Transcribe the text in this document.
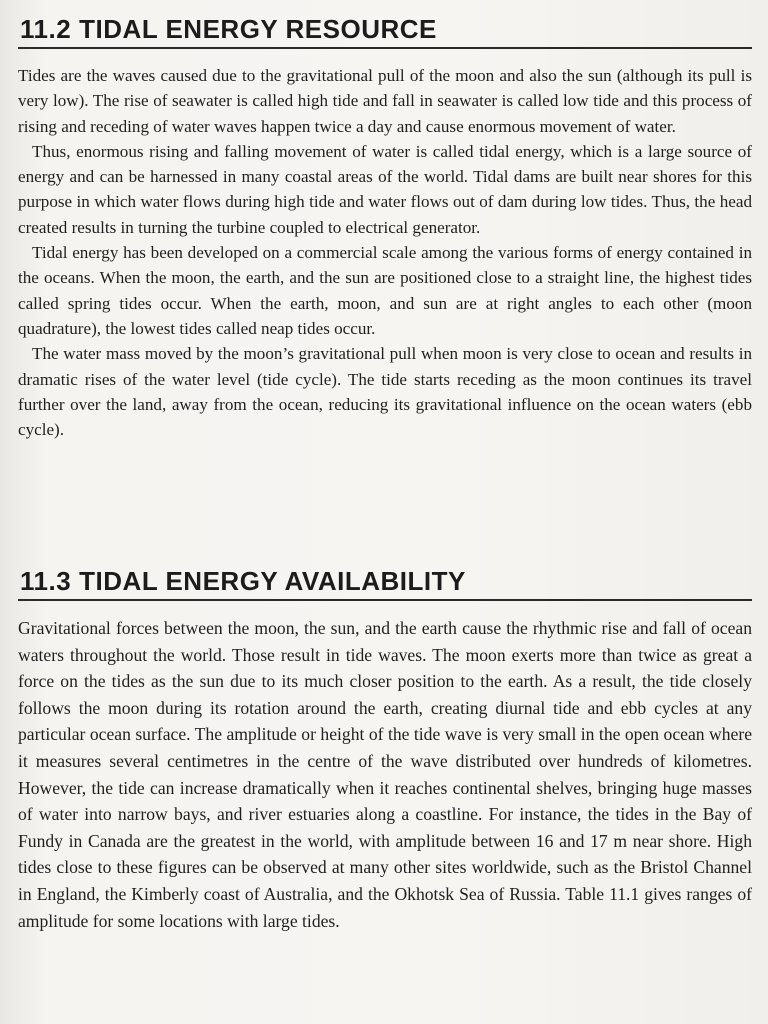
11.2 TIDAL ENERGY RESOURCE

Tides are the waves caused due to the gravitational pull of the moon and also the sun (although its pull is very low). The rise of seawater is called high tide and fall in seawater is called low tide and this process of rising and receding of water waves happen twice a day and cause enormous movement of water.

Thus, enormous rising and falling movement of water is called tidal energy, which is a large source of energy and can be harnessed in many coastal areas of the world. Tidal dams are built near shores for this purpose in which water flows during high tide and water flows out of dam during low tides. Thus, the head created results in turning the turbine coupled to electrical generator.

Tidal energy has been developed on a commercial scale among the various forms of energy contained in the oceans. When the moon, the earth, and the sun are positioned close to a straight line, the highest tides called spring tides occur. When the earth, moon, and sun are at right angles to each other (moon quadrature), the lowest tides called neap tides occur.

The water mass moved by the moon’s gravitational pull when moon is very close to ocean and results in dramatic rises of the water level (tide cycle). The tide starts receding as the moon continues its travel further over the land, away from the ocean, reducing its gravitational influence on the ocean waters (ebb cycle).

11.3 TIDAL ENERGY AVAILABILITY

Gravitational forces between the moon, the sun, and the earth cause the rhythmic rise and fall of ocean waters throughout the world. Those result in tide waves. The moon exerts more than twice as great a force on the tides as the sun due to its much closer position to the earth. As a result, the tide closely follows the moon during its rotation around the earth, creating diurnal tide and ebb cycles at any particular ocean surface. The amplitude or height of the tide wave is very small in the open ocean where it measures several centimetres in the centre of the wave distributed over hundreds of kilometres. However, the tide can increase dramatically when it reaches continental shelves, bringing huge masses of water into narrow bays, and river estuaries along a coastline. For instance, the tides in the Bay of Fundy in Canada are the greatest in the world, with amplitude between 16 and 17 m near shore. High tides close to these figures can be observed at many other sites worldwide, such as the Bristol Channel in England, the Kimberly coast of Australia, and the Okhotsk Sea of Russia. Table 11.1 gives ranges of amplitude for some locations with large tides.
